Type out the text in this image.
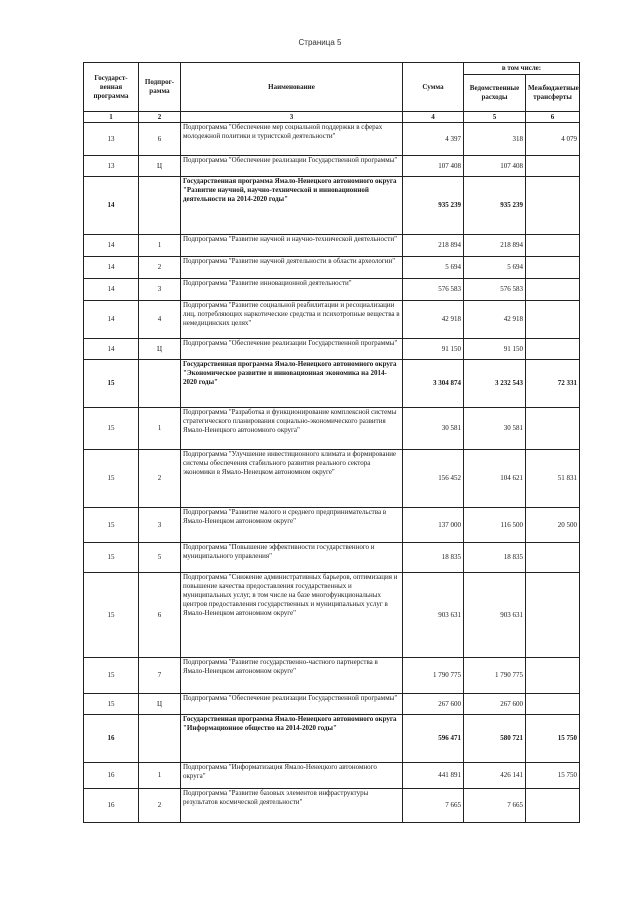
Страница 5
Государст-венная программа	Подпрог-рамма	Наименование	Сумма	в том числе:	
				Ведомственные расходы	Межбюджетные трансферты
1	2	3	4	5	6
13	6	Подпрограмма "Обеспечение мер социальной поддержки в сферах молодежной политики и туристской деятельности"	4 397	318	4 079
13	Ц	Подпрограмма "Обеспечение реализации Государственной программы"	107 408	107 408	
14		Государственная программа Ямало-Ненецкого автономного округа "Развитие научной, научно-технической и инновационной деятельности на 2014-2020 годы"	935 239	935 239	
14	1	Подпрограмма "Развитие научной и научно-технической деятельности"	218 894	218 894	
14	2	Подпрограмма "Развитие научной деятельности в области археологии"	5 694	5 694	
14	3	Подпрограмма "Развитие инновационной деятельности"	576 583	576 583	
14	4	Подпрограмма "Развитие социальной реабилитации и ресоциализации лиц, потребляющих наркотические средства и психотропные вещества в немедицинских целях"	42 918	42 918	
14	Ц	Подпрограмма "Обеспечение реализации Государственной программы"	91 150	91 150	
15		Государственная программа Ямало-Ненецкого автономного округа "Экономическое развитие и инновационная экономика на 2014-2020 годы"	3 304 874	3 232 543	72 331
15	1	Подпрограмма "Разработка и функционирование комплексной системы стратегического планирования социально-экономического развития Ямало-Ненецкого автономного округа"	30 581	30 581	
15	2	Подпрограмма "Улучшение инвестиционного климата и формирование системы обеспечения стабильного развития реального сектора экономики в Ямало-Ненецком автономном округе"	156 452	104 621	51 831
15	3	Подпрограмма "Развитие малого и среднего предпринимательства в Ямало-Ненецком автономном округе"	137 000	116 500	20 500
15	5	Подпрограмма "Повышение эффективности государственного и муниципального управления"	18 835	18 835	
15	6	Подпрограмма "Снижение административных барьеров, оптимизация и повышение качества предоставления государственных и муниципальных услуг, в том числе на базе многофункциональных центров предоставления государственных и муниципальных услуг в Ямало-Ненецком автономном округе"	903 631	903 631	
15	7	Подпрограмма "Развитие государственно-частного партнерства в Ямало-Ненецком автономном округе"	1 790 775	1 790 775	
15	Ц	Подпрограмма "Обеспечение реализации Государственной программы"	267 600	267 600	
16		Государственная программа Ямало-Ненецкого автономного округа "Информационное общество на 2014-2020 годы"	596 471	580 721	15 750
16	1	Подпрограмма "Информатизация Ямало-Ненецкого автономного округа"	441 891	426 141	15 750
16	2	Подпрограмма "Развитие базовых элементов инфраструктуры результатов космической деятельности"	7 665	7 665	
